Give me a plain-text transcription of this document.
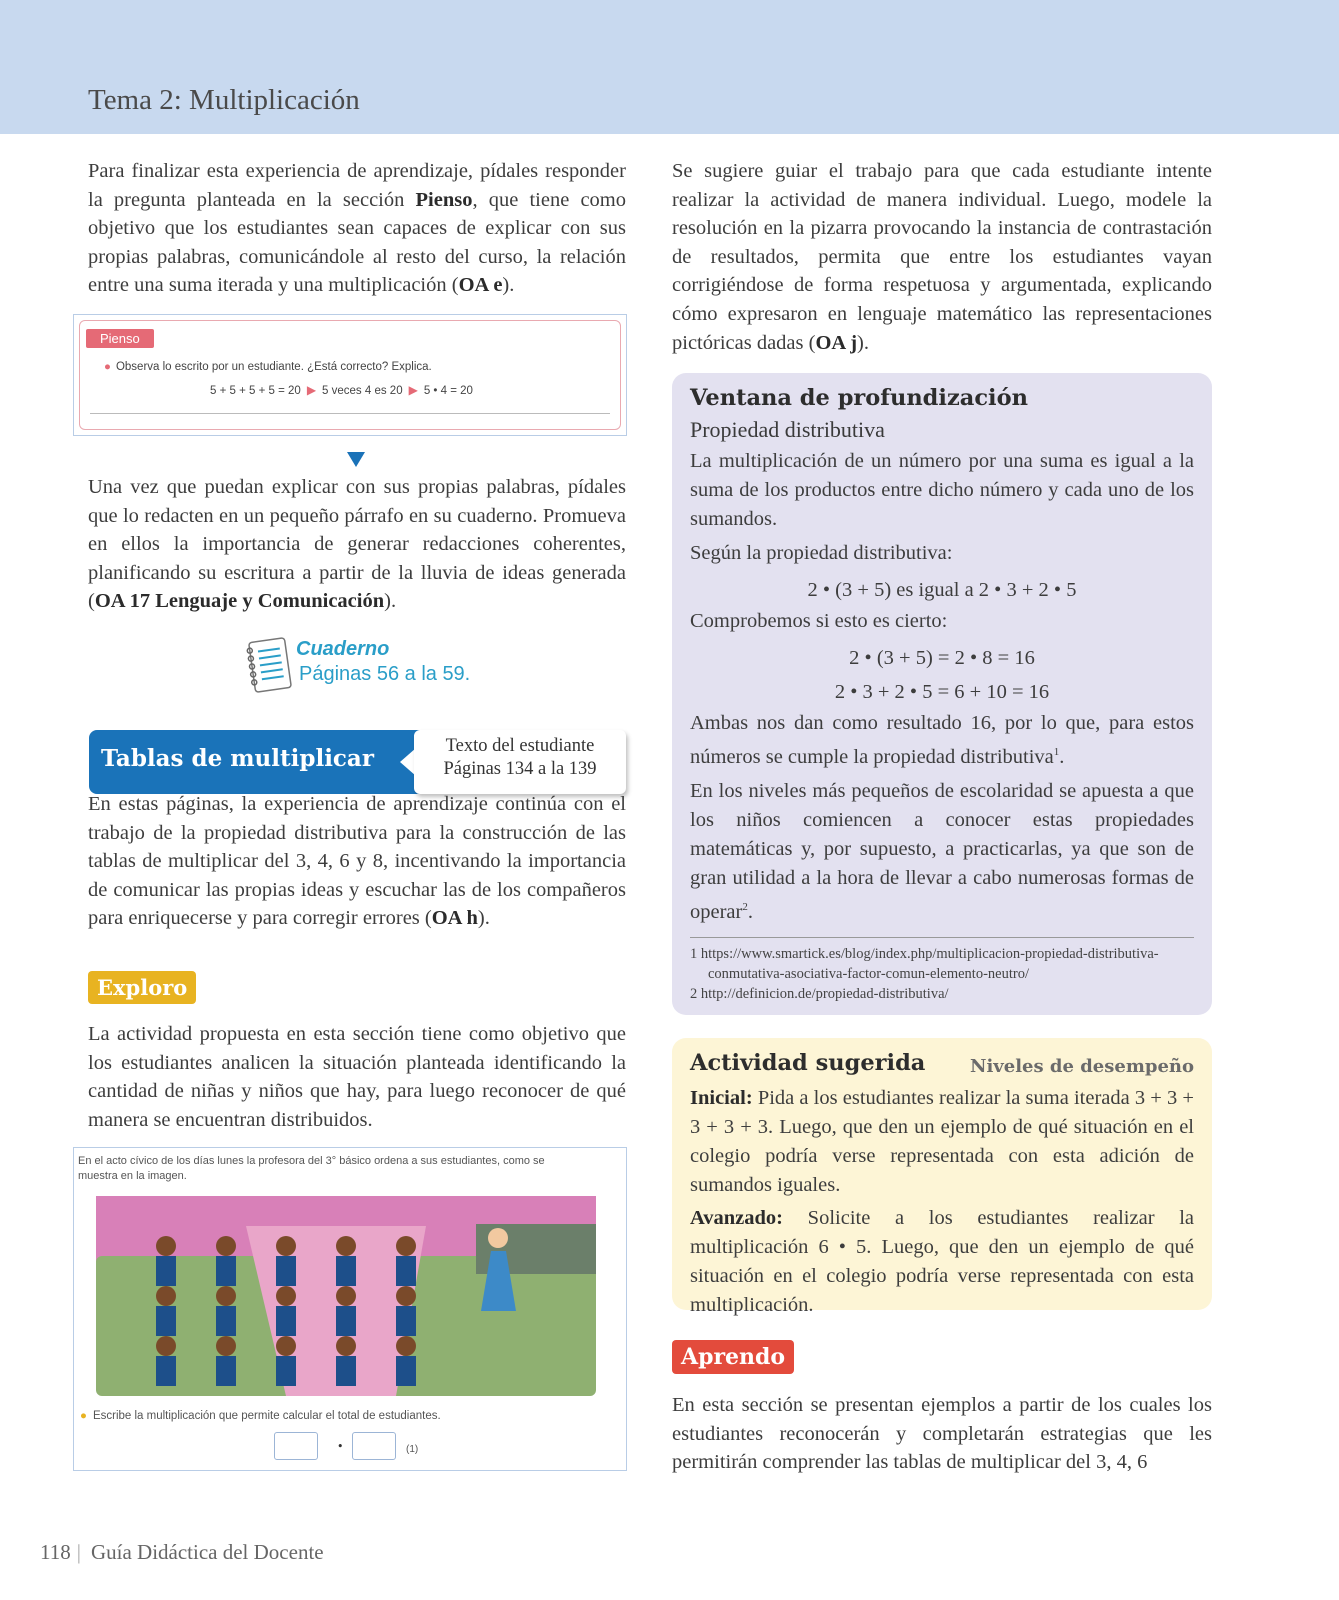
Tema 2: Multiplicación

Para finalizar esta experiencia de aprendizaje, pídales responder la pregunta planteada en la sección Pienso, que tiene como objetivo que los estudiantes sean capaces de explicar con sus propias palabras, comunicándole al resto del curso, la relación entre una suma iterada y una multiplicación (OA e).

Pienso
● Observa lo escrito por un estudiante. ¿Está correcto? Explica.
5 + 5 + 5 + 5 = 20 ▶ 5 veces 4 es 20 ▶ 5 • 4 = 20

Una vez que puedan explicar con sus propias palabras, pídales que lo redacten en un pequeño párrafo en su cuaderno. Promueva en ellos la importancia de generar redacciones coherentes, planificando su escritura a partir de la lluvia de ideas generada (OA 17 Lenguaje y Comunicación).

Cuaderno
Páginas 56 a la 59.
Tablas de multiplicar	Texto del estudiante
Páginas 134 a la 139

En estas páginas, la experiencia de aprendizaje continúa con el trabajo de la propiedad distributiva para la construcción de las tablas de multiplicar del 3, 4, 6 y 8, incentivando la importancia de comunicar las propias ideas y escuchar las de los compañeros para enriquecerse y para corregir errores (OA h).

Exploro

La actividad propuesta en esta sección tiene como objetivo que los estudiantes analicen la situación planteada identificando la cantidad de niñas y niños que hay, para luego reconocer de qué manera se encuentran distribuidos.

En el acto cívico de los días lunes la profesora del 3° básico ordena a sus estudiantes, como se muestra en la imagen.
● Escribe la multiplicación que permite calcular el total de estudiantes.
•	(1)

Se sugiere guiar el trabajo para que cada estudiante intente realizar la actividad de manera individual. Luego, modele la resolución en la pizarra provocando la instancia de contrastación de resultados, permita que entre los estudiantes vayan corrigiéndose de forma respetuosa y argumentada, explicando cómo expresaron en lenguaje matemático las representaciones pictóricas dadas (OA j).

Ventana de profundización
Propiedad distributiva

La multiplicación de un número por una suma es igual a la suma de los productos entre dicho número y cada uno de los sumandos.

Según la propiedad distributiva:

2 • (3 + 5) es igual a 2 • 3 + 2 • 5

Comprobemos si esto es cierto:

2 • (3 + 5) = 2 • 8 = 16
2 • 3 + 2 • 5 = 6 + 10 = 16

Ambas nos dan como resultado 16, por lo que, para estos números se cumple la propiedad distributiva$^1$.

En los niveles más pequeños de escolaridad se apuesta a que los niños comiencen a conocer estas propiedades matemáticas y, por supuesto, a practicarlas, ya que son de gran utilidad a la hora de llevar a cabo numerosas formas de operar$^2$.

1 https://www.smartick.es/blog/index.php/multiplicacion-propiedad-distributiva-conmutativa-asociativa-factor-comun-elemento-neutro/
2 http://definicion.de/propiedad-distributiva/
Actividad sugerida	Niveles de desempeño

Inicial: Pida a los estudiantes realizar la suma iterada 3 + 3 + 3 + 3 + 3. Luego, que den un ejemplo de qué situación en el colegio podría verse representada con esta adición de sumandos iguales.

Avanzado: Solicite a los estudiantes realizar la multiplicación 6 • 5. Luego, que den un ejemplo de qué situación en el colegio podría verse representada con esta multiplicación.

Aprendo

En esta sección se presentan ejemplos a partir de los cuales los estudiantes reconocerán y completarán estrategias que les permitirán comprender las tablas de multiplicar del 3, 4, 6

118 | Guía Didáctica del Docente
